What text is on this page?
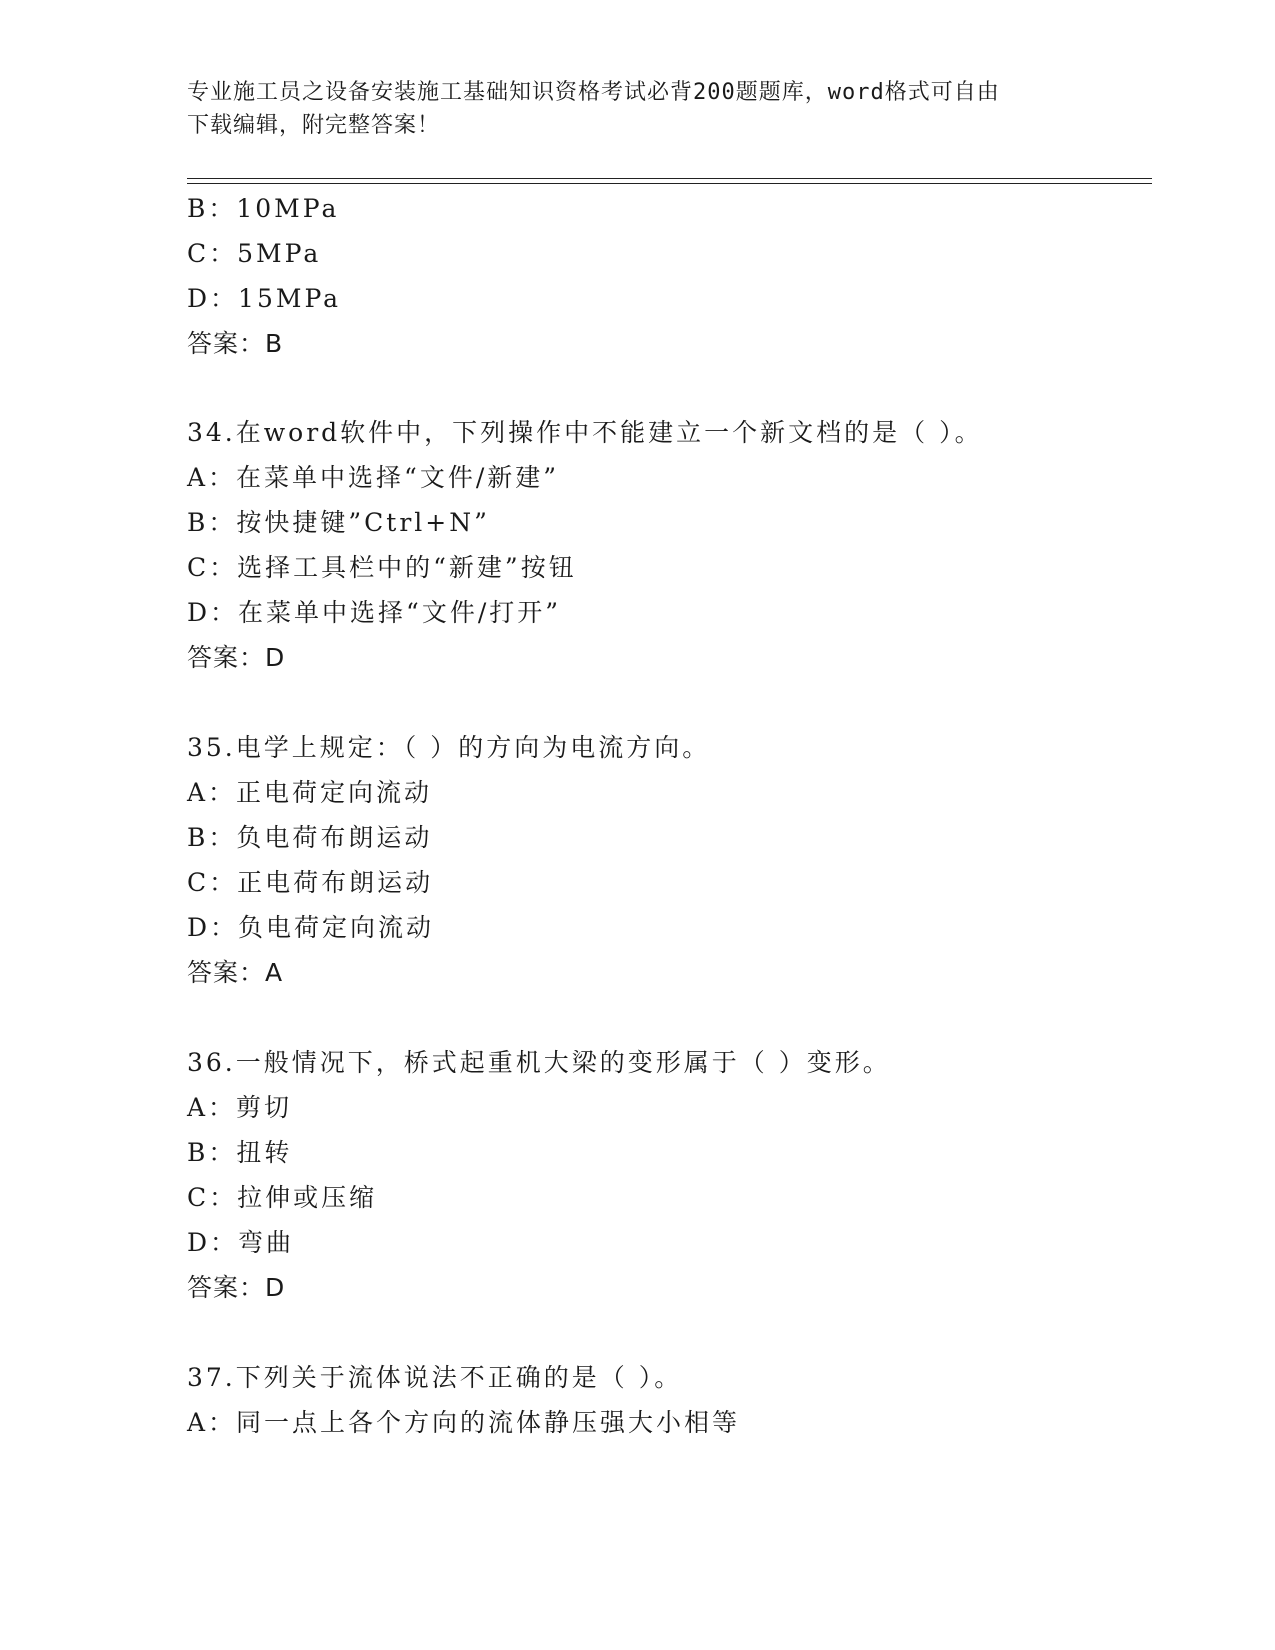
专业施工员之设备安装施工基础知识资格考试必背200题题库，word格式可自由
下载编辑，附完整答案！
B：10MPa
C：5MPa
D：15MPa
答案：B
34.在word软件中，下列操作中不能建立一个新文档的是（ ）。
A：在菜单中选择“文件/新建”
B：按快捷键”Ctrl+N”
C：选择工具栏中的“新建”按钮
D：在菜单中选择“文件/打开”
答案：D
35.电学上规定：（ ）的方向为电流方向。
A：正电荷定向流动
B：负电荷布朗运动
C：正电荷布朗运动
D：负电荷定向流动
答案：A
36.一般情况下，桥式起重机大梁的变形属于（ ）变形。
A：剪切
B：扭转
C：拉伸或压缩
D：弯曲
答案：D
37.下列关于流体说法不正确的是（ ）。
A：同一点上各个方向的流体静压强大小相等
